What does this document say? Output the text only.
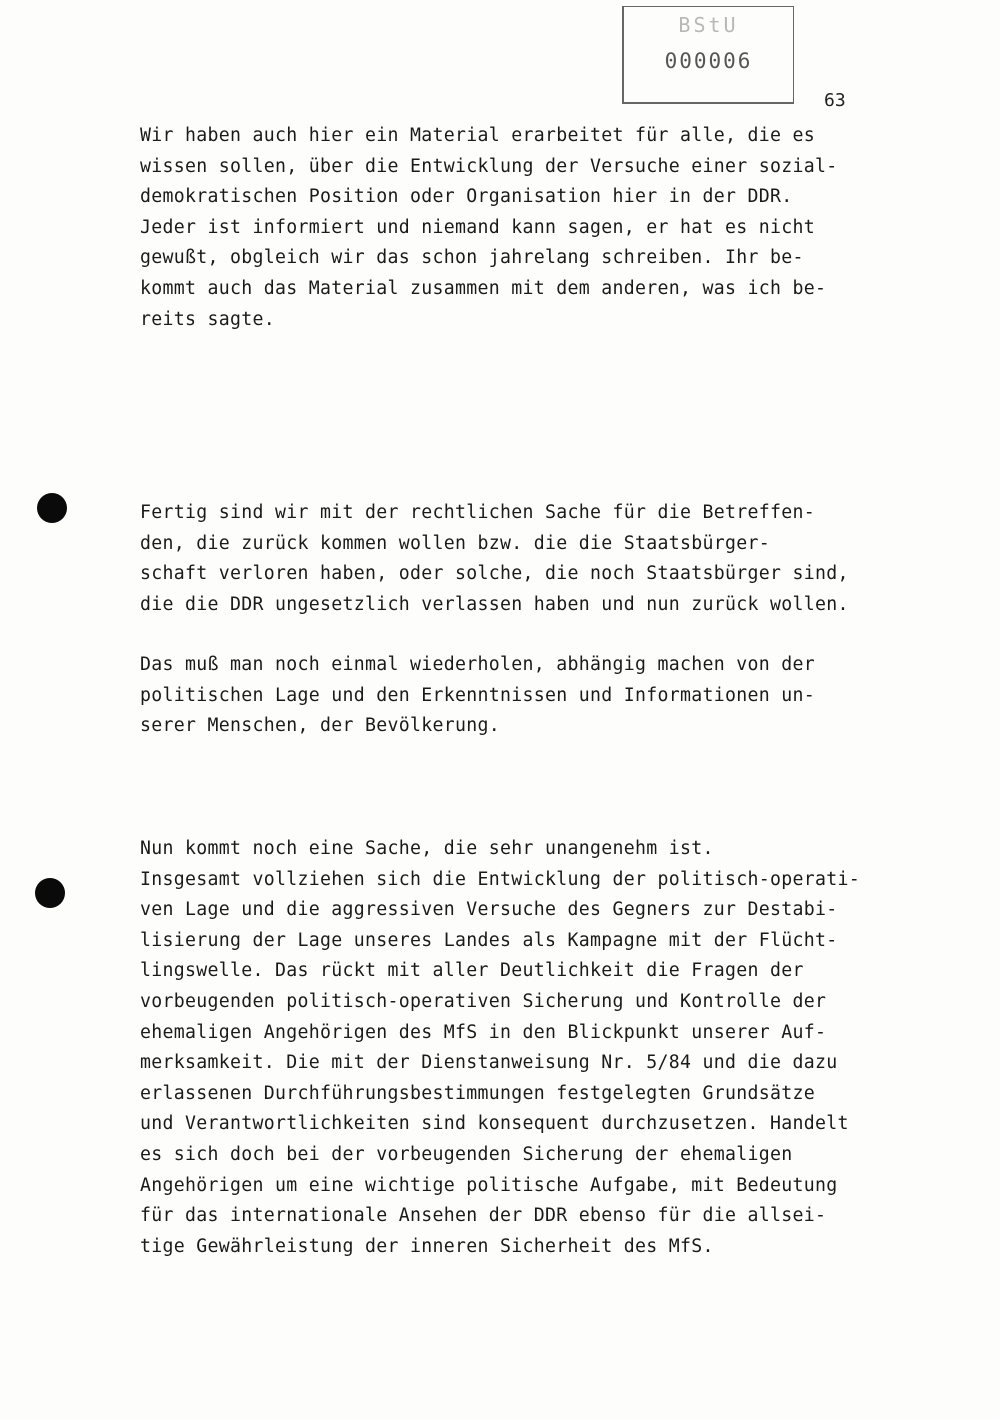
BStU
000006
63

Wir haben auch hier ein Material erarbeitet für alle, die es
wissen sollen, über die Entwicklung der Versuche einer sozial-
demokratischen Position oder Organisation hier in der DDR.
Jeder ist informiert und niemand kann sagen, er hat es nicht
gewußt, obgleich wir das schon jahrelang schreiben. Ihr be-
kommt auch das Material zusammen mit dem anderen, was ich be-
reits sagte.

Fertig sind wir mit der rechtlichen Sache für die Betreffen-
den, die zurück kommen wollen bzw. die die Staatsbürger-
schaft verloren haben, oder solche, die noch Staatsbürger sind,
die die DDR ungesetzlich verlassen haben und nun zurück wollen.

Das muß man noch einmal wiederholen, abhängig machen von der
politischen Lage und den Erkenntnissen und Informationen un-
serer Menschen, der Bevölkerung.

Nun kommt noch eine Sache, die sehr unangenehm ist.
Insgesamt vollziehen sich die Entwicklung der politisch-operati-
ven Lage und die aggressiven Versuche des Gegners zur Destabi-
lisierung der Lage unseres Landes als Kampagne mit der Flücht-
lingswelle. Das rückt mit aller Deutlichkeit die Fragen der
vorbeugenden politisch-operativen Sicherung und Kontrolle der
ehemaligen Angehörigen des MfS in den Blickpunkt unserer Auf-
merksamkeit. Die mit der Dienstanweisung Nr. 5/84 und die dazu
erlassenen Durchführungsbestimmungen festgelegten Grundsätze
und Verantwortlichkeiten sind konsequent durchzusetzen. Handelt
es sich doch bei der vorbeugenden Sicherung der ehemaligen
Angehörigen um eine wichtige politische Aufgabe, mit Bedeutung
für das internationale Ansehen der DDR ebenso für die allsei-
tige Gewährleistung der inneren Sicherheit des MfS.
